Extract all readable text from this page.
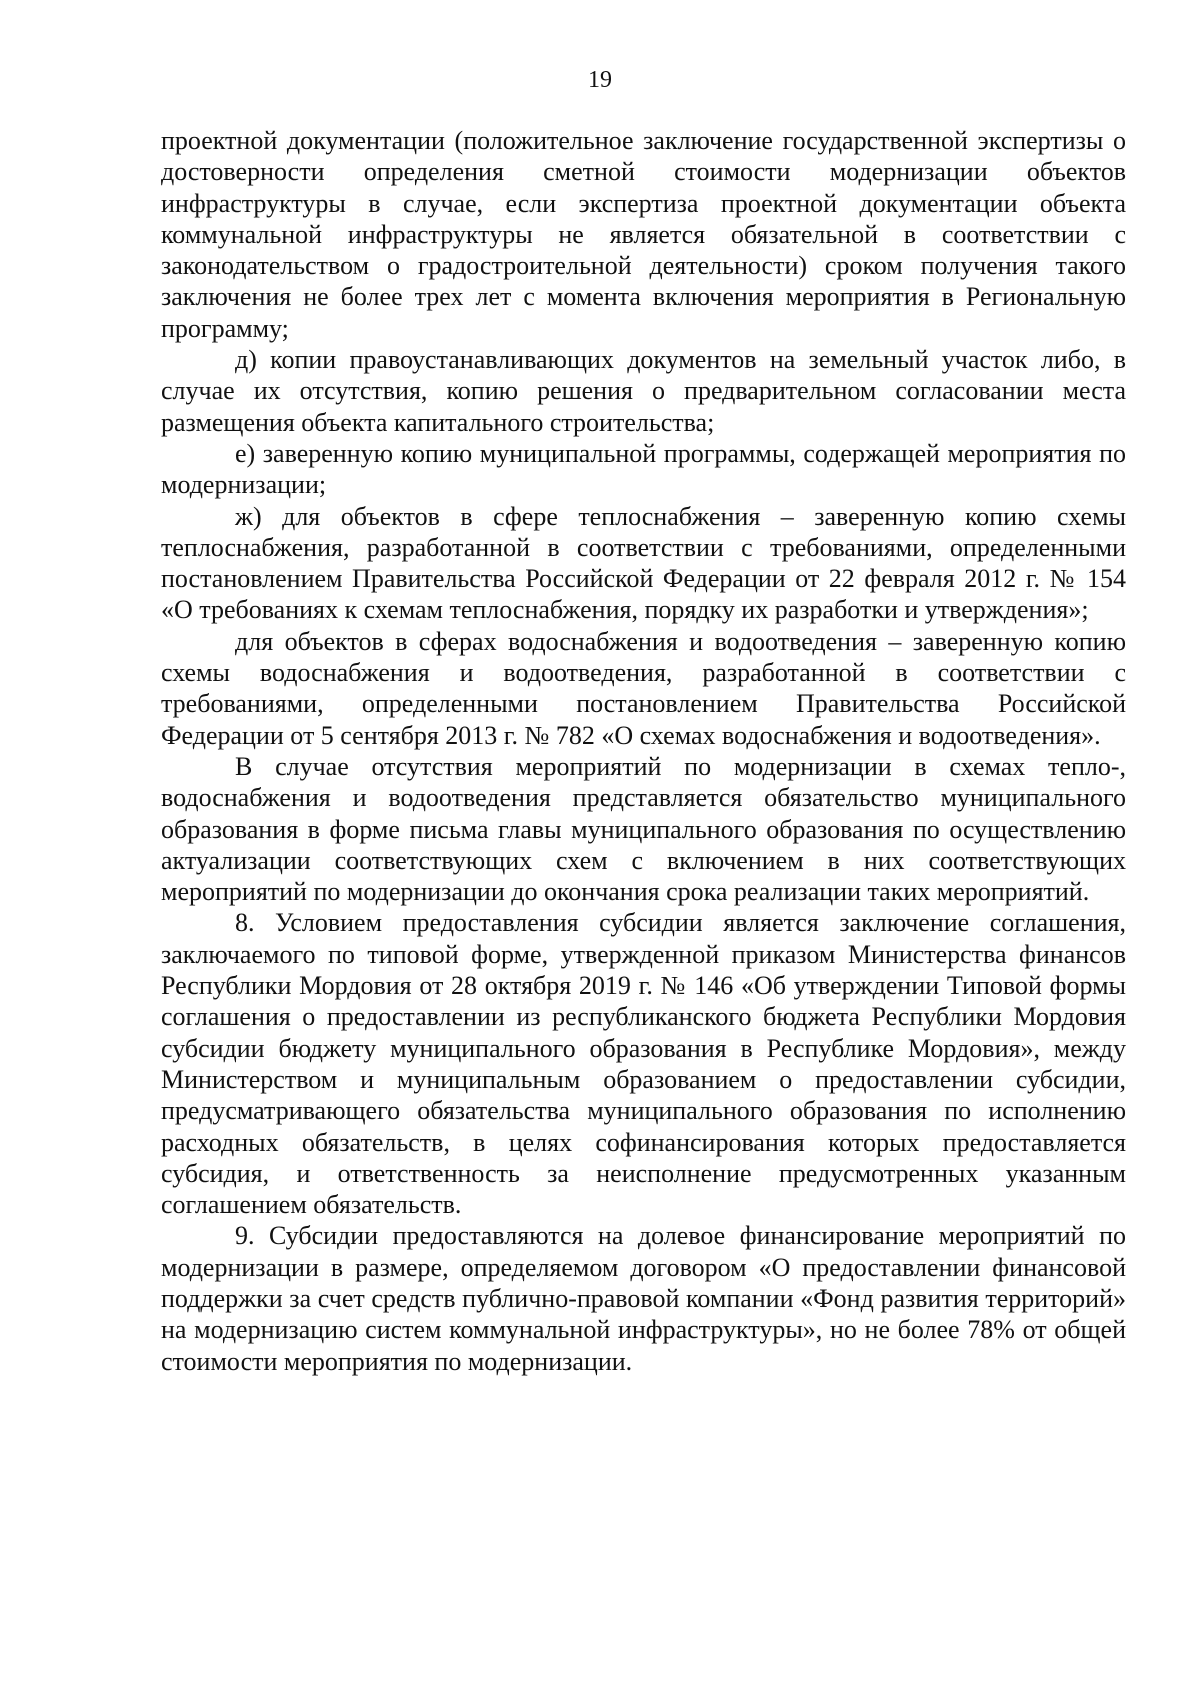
19

проектной документации (положительное заключение государственной экспертизы о достоверности определения сметной стоимости модернизации объектов инфраструктуры в случае, если экспертиза проектной документации объекта коммунальной инфраструктуры не является обязательной в соответствии с законодательством о градостроительной деятельности) сроком получения такого заключения не более трех лет с момента включения мероприятия в Региональную программу;

д) копии правоустанавливающих документов на земельный участок либо, в случае их отсутствия, копию решения о предварительном согласовании места размещения объекта капитального строительства;

е) заверенную копию муниципальной программы, содержащей мероприятия по модернизации;

ж) для объектов в сфере теплоснабжения – заверенную копию схемы теплоснабжения, разработанной в соответствии с требованиями, определенными постановлением Правительства Российской Федерации от 22 февраля 2012 г. № 154 «О требованиях к схемам теплоснабжения, порядку их разработки и утверждения»;

для объектов в сферах водоснабжения и водоотведения – заверенную копию схемы водоснабжения и водоотведения, разработанной в соответствии с требованиями, определенными постановлением Правительства Российской Федерации от 5 сентября 2013 г. № 782 «О схемах водоснабжения и водоотведения».

В случае отсутствия мероприятий по модернизации в схемах тепло-, водоснабжения и водоотведения представляется обязательство муниципального образования в форме письма главы муниципального образования по осуществлению актуализации соответствующих схем с включением в них соответствующих мероприятий по модернизации до окончания срока реализации таких мероприятий.

8. Условием предоставления субсидии является заключение соглашения, заключаемого по типовой форме, утвержденной приказом Министерства финансов Республики Мордовия от 28 октября 2019 г. № 146 «Об утверждении Типовой формы соглашения о предоставлении из республиканского бюджета Республики Мордовия субсидии бюджету муниципального образования в Республике Мордовия», между Министерством и муниципальным образованием о предоставлении субсидии, предусматривающего обязательства муниципального образования по исполнению расходных обязательств, в целях софинансирования которых предоставляется субсидия, и ответственность за неисполнение предусмотренных указанным соглашением обязательств.

9. Субсидии предоставляются на долевое финансирование мероприятий по модернизации в размере, определяемом договором «О предоставлении финансовой поддержки за счет средств публично-правовой компании «Фонд развития территорий» на модернизацию систем коммунальной инфраструктуры», но не более 78% от общей стоимости мероприятия по модернизации.
